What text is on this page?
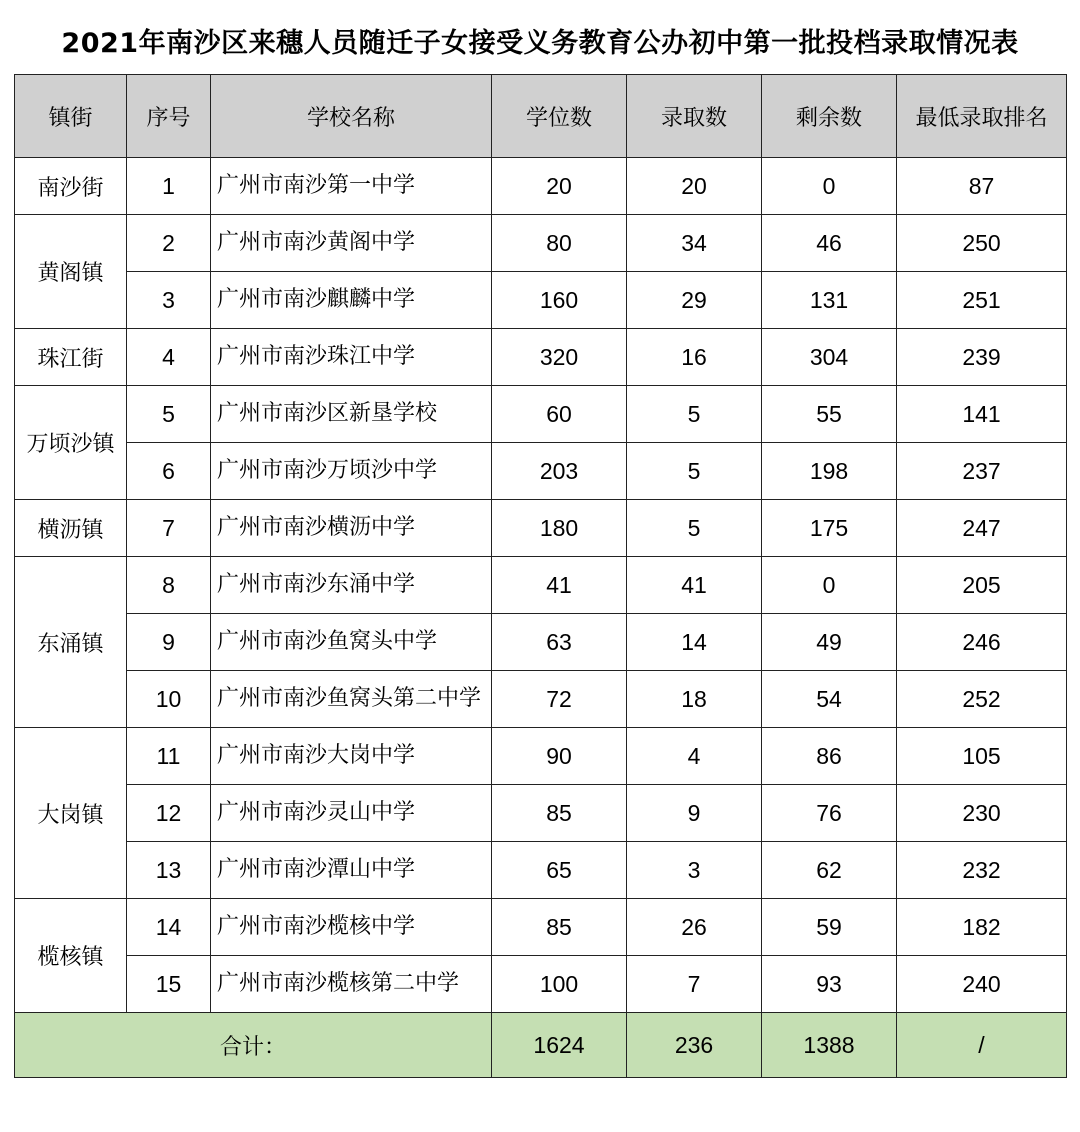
2021年南沙区来穗人员随迁子女接受义务教育公办初中第一批投档录取情况表
镇街	序号	学校名称	学位数	录取数	剩余数	最低录取排名
南沙街	1	广州市南沙第一中学	20	20	0	87
黄阁镇	2	广州市南沙黄阁中学	80	34	46	250
	3	广州市南沙麒麟中学	160	29	131	251
珠江街	4	广州市南沙珠江中学	320	16	304	239
万顷沙镇	5	广州市南沙区新垦学校	60	5	55	141
	6	广州市南沙万顷沙中学	203	5	198	237
横沥镇	7	广州市南沙横沥中学	180	5	175	247
东涌镇	8	广州市南沙东涌中学	41	41	0	205
	9	广州市南沙鱼窝头中学	63	14	49	246
	10	广州市南沙鱼窝头第二中学	72	18	54	252
大岗镇	11	广州市南沙大岗中学	90	4	86	105
	12	广州市南沙灵山中学	85	9	76	230
	13	广州市南沙潭山中学	65	3	62	232
榄核镇	14	广州市南沙榄核中学	85	26	59	182
	15	广州市南沙榄核第二中学	100	7	93	240
合计：			1624	236	1388	/
